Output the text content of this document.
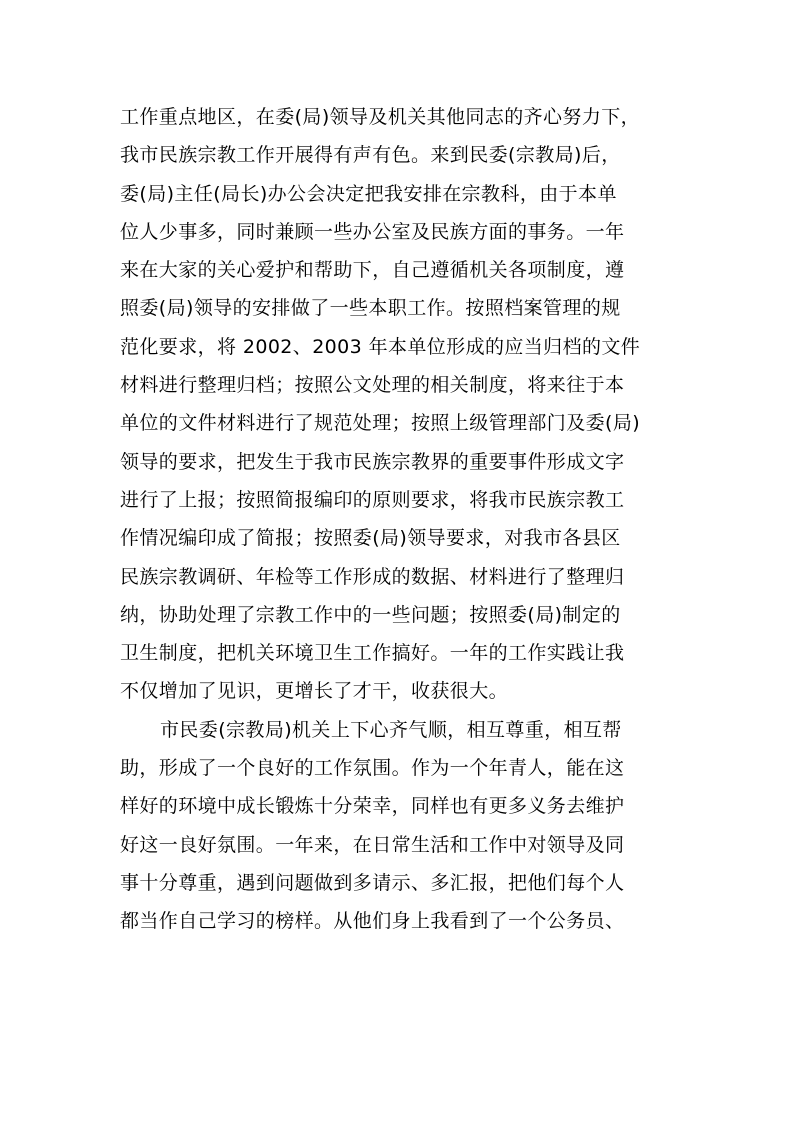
工作重点地区，在委(局)领导及机关其他同志的齐心努力下，
我市民族宗教工作开展得有声有色。来到民委(宗教局)后，
委(局)主任(局长)办公会决定把我安排在宗教科，由于本单
位人少事多，同时兼顾一些办公室及民族方面的事务。一年
来在大家的关心爱护和帮助下，自己遵循机关各项制度，遵
照委(局)领导的安排做了一些本职工作。按照档案管理的规
范化要求，将 2002、2003 年本单位形成的应当归档的文件
材料进行整理归档；按照公文处理的相关制度，将来往于本
单位的文件材料进行了规范处理；按照上级管理部门及委(局)
领导的要求，把发生于我市民族宗教界的重要事件形成文字
进行了上报；按照简报编印的原则要求，将我市民族宗教工
作情况编印成了简报；按照委(局)领导要求，对我市各县区
民族宗教调研、年检等工作形成的数据、材料进行了整理归
纳，协助处理了宗教工作中的一些问题；按照委(局)制定的
卫生制度，把机关环境卫生工作搞好。一年的工作实践让我
不仅增加了见识，更增长了才干，收获很大。
市民委(宗教局)机关上下心齐气顺，相互尊重，相互帮
助，形成了一个良好的工作氛围。作为一个年青人，能在这
样好的环境中成长锻炼十分荣幸，同样也有更多义务去维护
好这一良好氛围。一年来，在日常生活和工作中对领导及同
事十分尊重，遇到问题做到多请示、多汇报，把他们每个人
都当作自己学习的榜样。从他们身上我看到了一个公务员、
